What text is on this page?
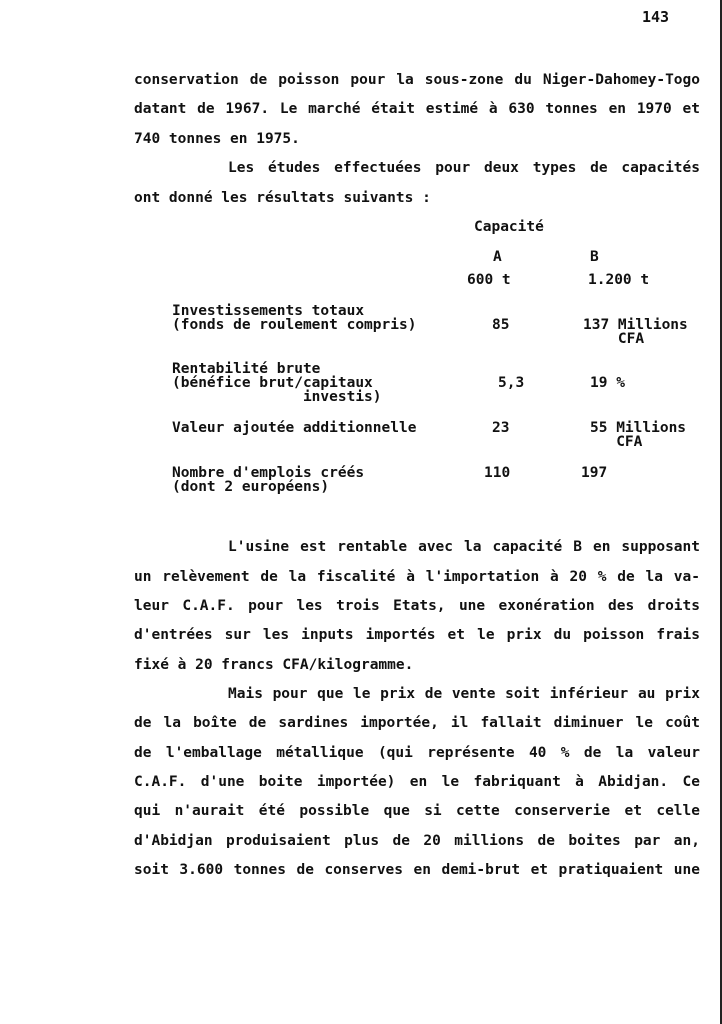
143
conservation de poisson pour la sous-zone du Niger-Dahomey-Togo
datant de 1967. Le marché était estimé à 630 tonnes en 1970 et
740 tonnes en 1975.
Les études effectuées pour deux types de capacités
ont donné les résultats suivants :
Capacité
A	B
600 t	1.200 t
Investissements totaux
(fonds de roulement compris)	85	137 Millions
CFA
Rentabilité brute
(bénéfice brut/capitaux
investis)
5,3	19 %
Valeur ajoutée additionnelle	23	55 Millions
CFA
Nombre d'emplois créés
(dont 2 européens)
110	197
L'usine est rentable avec la capacité B en supposant
un relèvement de la fiscalité à l'importation à 20 % de la va-
leur C.A.F. pour les trois Etats, une exonération des droits
d'entrées sur les inputs importés et le prix du poisson frais
fixé à 20 francs CFA/kilogramme.
Mais pour que le prix de vente soit inférieur au prix
de la boîte de sardines importée, il fallait diminuer le coût
de l'emballage métallique (qui représente 40 % de la valeur
C.A.F. d'une boite importée) en le fabriquant à Abidjan. Ce
qui n'aurait été possible que si cette conserverie et celle
d'Abidjan produisaient plus de 20 millions de boites par an,
soit 3.600 tonnes de conserves en demi-brut et pratiquaient une
